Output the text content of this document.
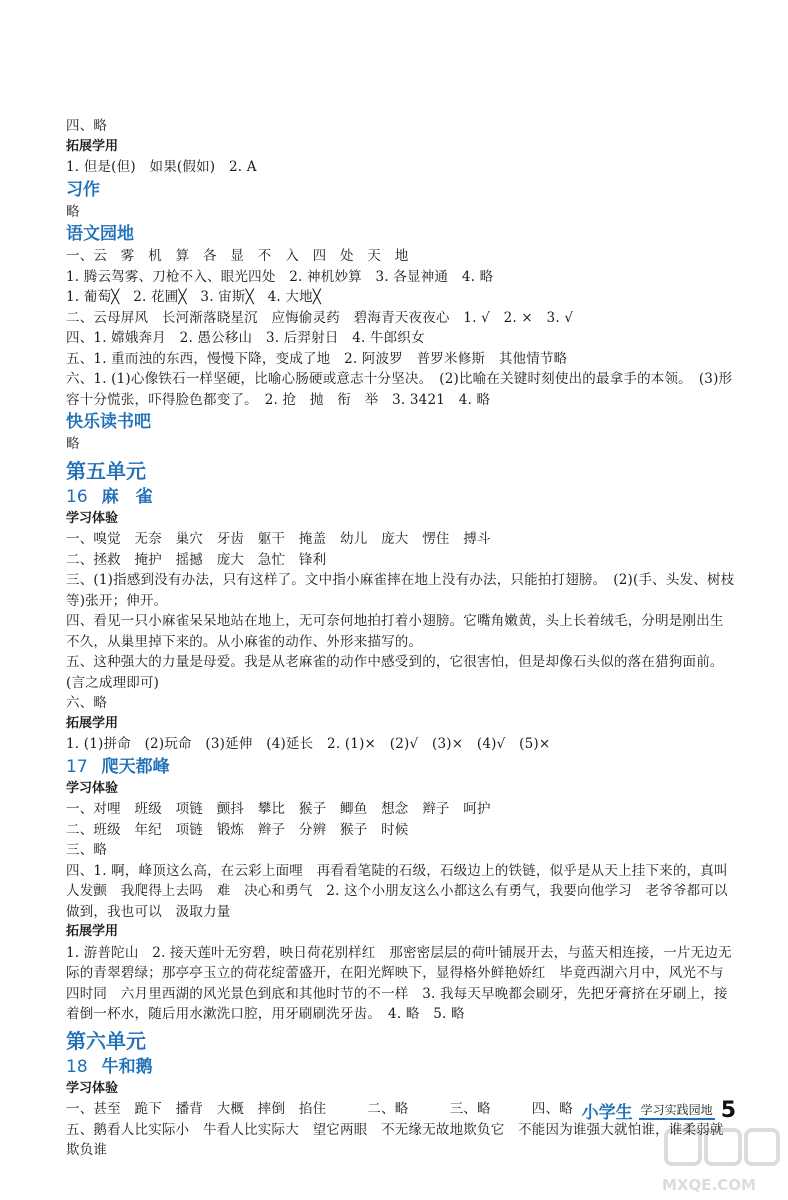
四、略
拓展学用
1. 但是(但)　如果(假如)　2. A
习作
略
语文园地
一、云　雾　机　算　各　显　不　入　四　处　天　地
1. 腾云驾雾、刀枪不入、眼光四处　2. 神机妙算　3. 各显神通　4. 略
1. 葡萄╳　2. 花圃╳　3. 宙斯╳　4. 大地╳
二、云母屏风　长河渐落晓星沉　应悔偷灵药　碧海青天夜夜心　1. √　2. ×　3. √
四、1. 嫦娥奔月　2. 愚公移山　3. 后羿射日　4. 牛郎织女
五、1. 重而浊的东西，慢慢下降，变成了地　2. 阿波罗　普罗米修斯　其他情节略
六、1. (1)心像铁石一样坚硬，比喻心肠硬或意志十分坚决。　(2)比喻在关键时刻使出的最拿手的本领。　(3)形容十分慌张，吓得脸色都变了。　2. 抢　抛　衔　举　3. 3421　4. 略
快乐读书吧
略
第五单元
16 麻　雀
学习体验
一、嗅觉　无奈　巢穴　牙齿　躯干　掩盖　幼儿　庞大　愣住　搏斗
二、拯救　掩护　摇撼　庞大　急忙　锋利
三、(1)指感到没有办法，只有这样了。文中指小麻雀摔在地上没有办法，只能拍打翅膀。　(2)(手、头发、树枝等)张开；伸开。
四、看见一只小麻雀呆呆地站在地上，无可奈何地拍打着小翅膀。它嘴角嫩黄，头上长着绒毛，分明是刚出生不久，从巢里掉下来的。从小麻雀的动作、外形来描写的。
五、这种强大的力量是母爱。我是从老麻雀的动作中感受到的，它很害怕，但是却像石头似的落在猎狗面前。(言之成理即可)
六、略
拓展学用
1. (1)拼命　(2)玩命　(3)延伸　(4)延长　2. (1)×　(2)√　(3)×　(4)√　(5)×
17 爬天都峰
学习体验
一、对哩　班级　项链　颤抖　攀比　猴子　鲫鱼　想念　辫子　呵护
二、班级　年纪　项链　锻炼　辫子　分辨　猴子　时候
三、略
四、1. 啊，峰顶这么高，在云彩上面哩　再看看笔陡的石级，石级边上的铁链，似乎是从天上挂下来的，真叫人发颤　我爬得上去吗　难　决心和勇气　2. 这个小朋友这么小都这么有勇气，我要向他学习　老爷爷都可以做到，我也可以　汲取力量
拓展学用
1. 游普陀山　2. 接天莲叶无穷碧，映日荷花别样红　那密密层层的荷叶铺展开去，与蓝天相连接，一片无边无际的青翠碧绿；那亭亭玉立的荷花绽蕾盛开，在阳光辉映下，显得格外鲜艳娇红　毕竟西湖六月中，风光不与四时同　六月里西湖的风光景色到底和其他时节的不一样　3. 我每天早晚都会刷牙，先把牙膏挤在牙刷上，接着倒一杯水，随后用水漱洗口腔，用牙刷刷洗牙齿。　4. 略　5. 略
第六单元
18 牛和鹅
学习体验
一、甚至　跪下　播背　大概　摔倒　掐住　　　二、略　　　三、略　　　四、略
五、鹅看人比实际小　牛看人比实际大　望它两眼　不无缘无故地欺负它　不能因为谁强大就怕谁，谁柔弱就欺负谁
小学生 学习实践园地 5
MXQE.COM
